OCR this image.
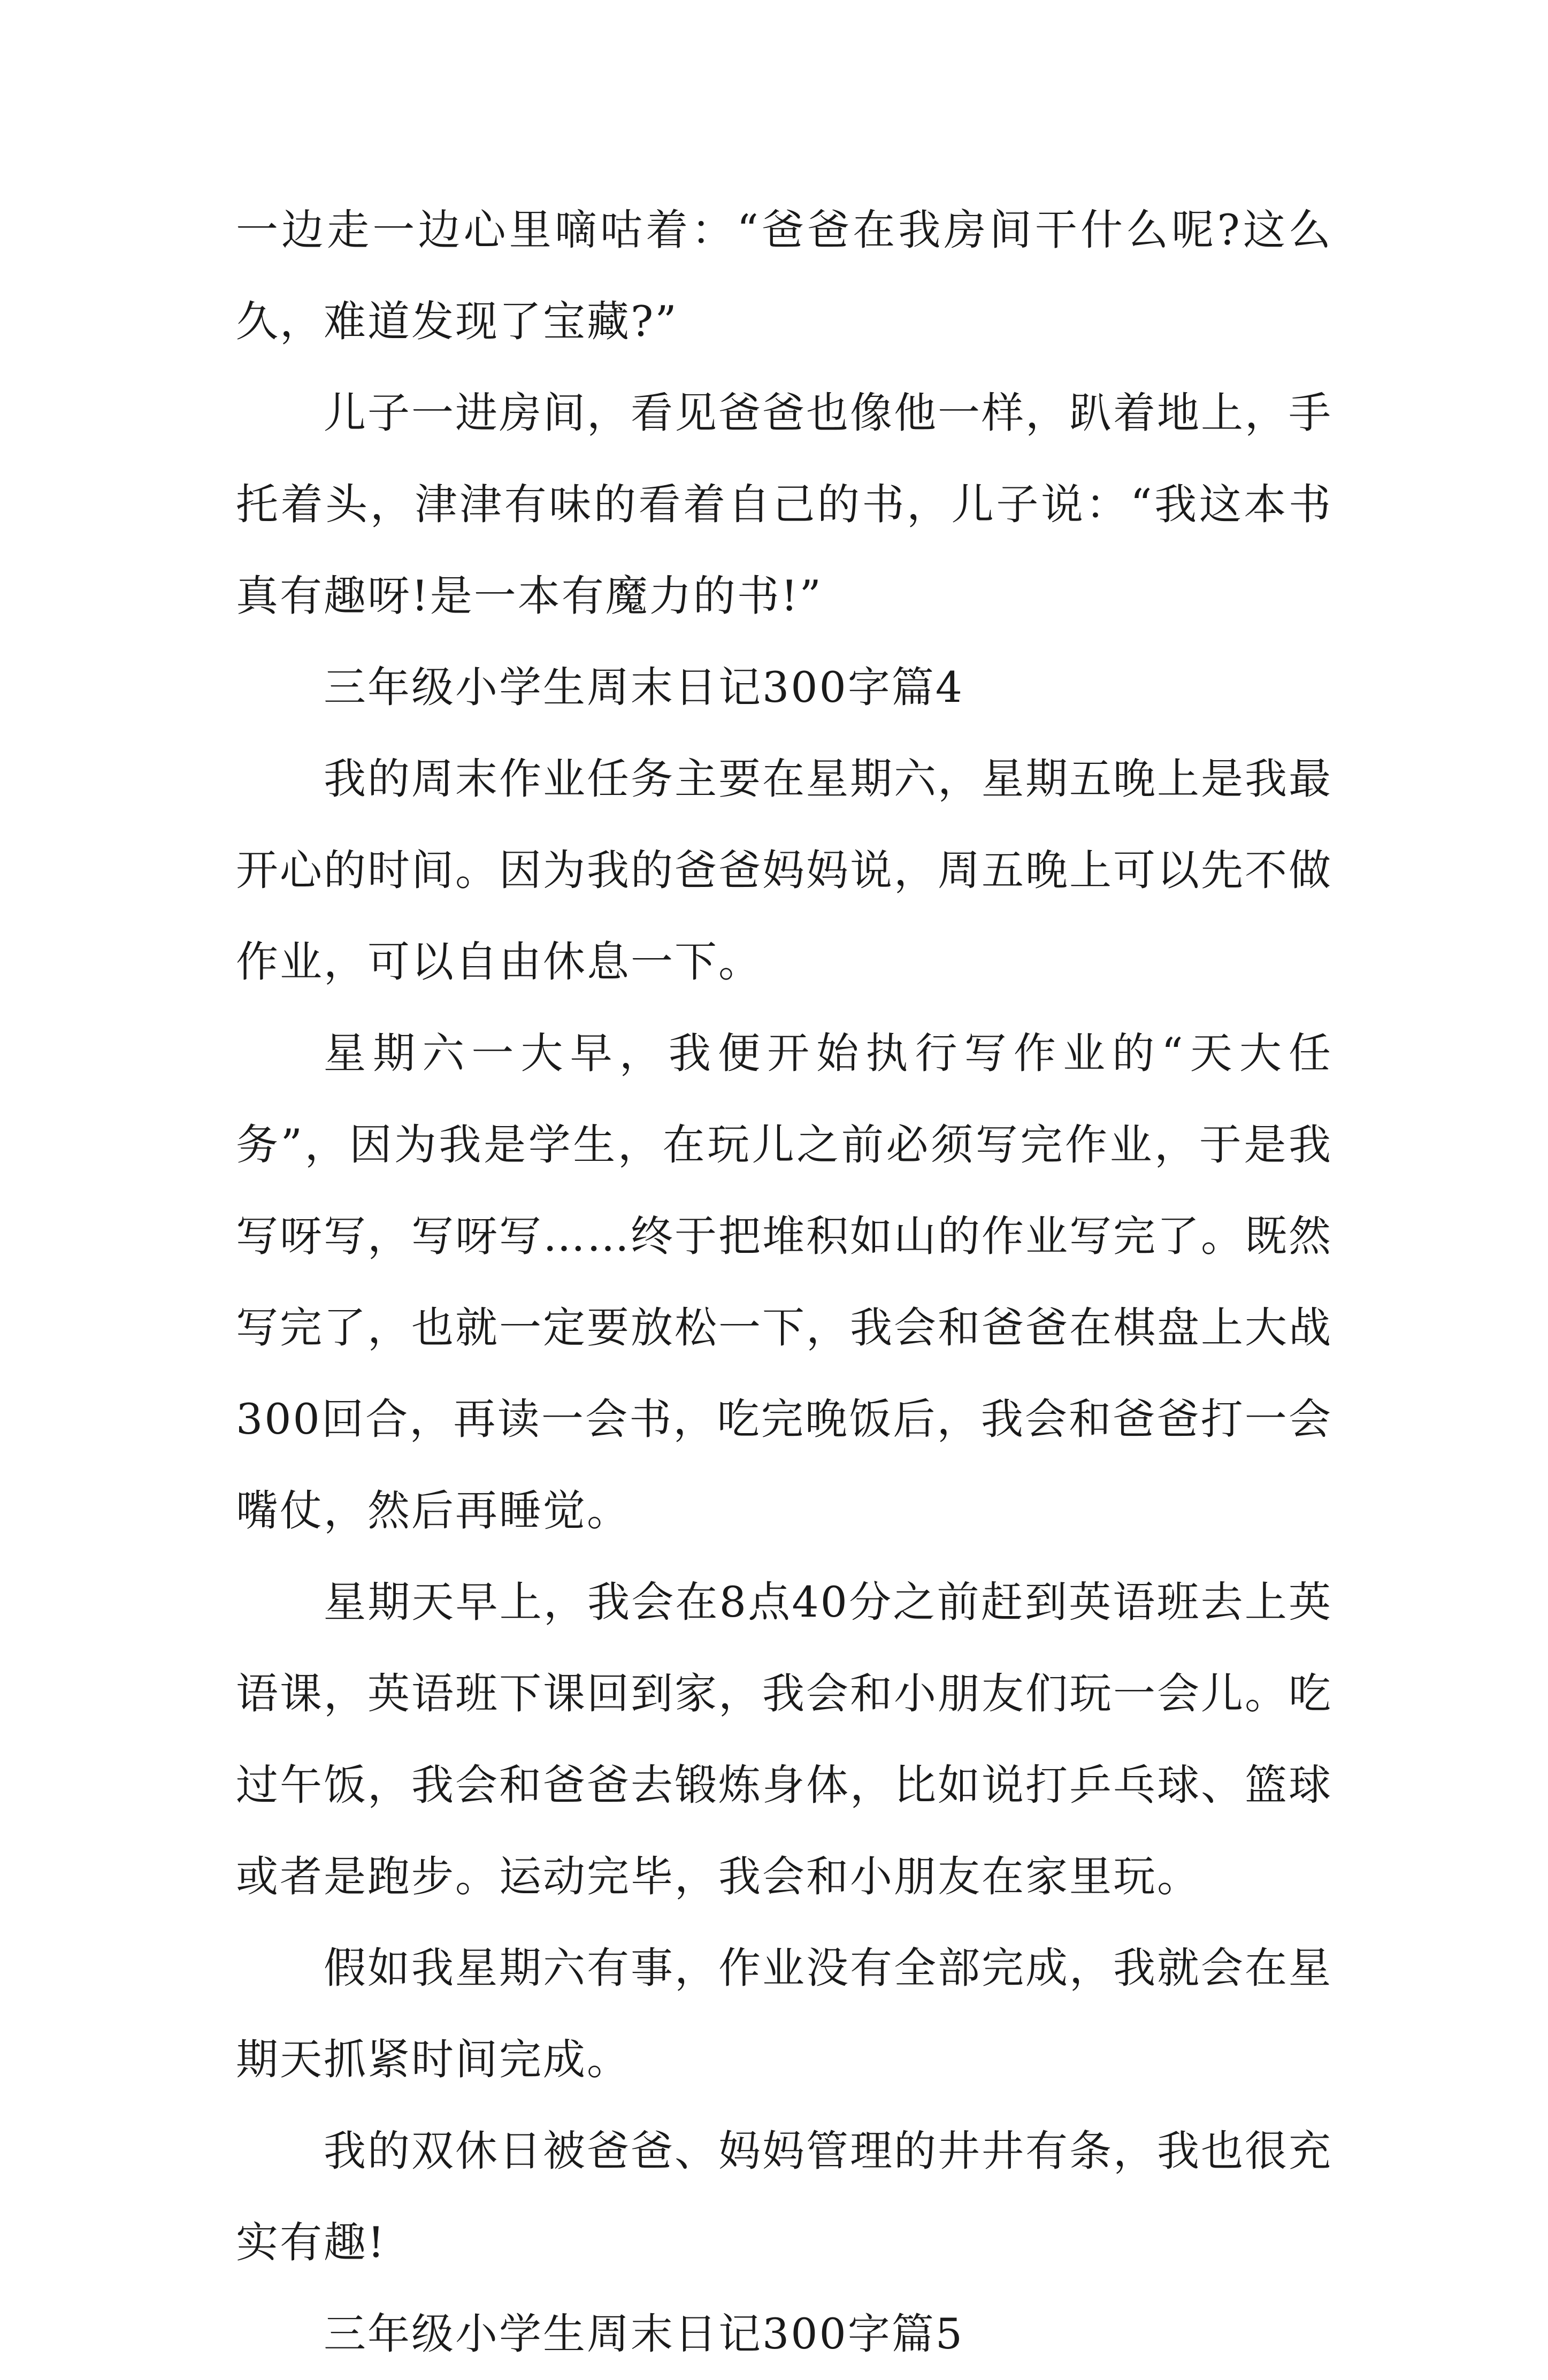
一边走一边心里嘀咕着：“爸爸在我房间干什么呢?这么久，难道发现了宝藏?”

儿子一进房间，看见爸爸也像他一样，趴着地上，手托着头，津津有味的看着自己的书，儿子说：“我这本书真有趣呀!是一本有魔力的书!”

三年级小学生周末日记300字篇4

我的周末作业任务主要在星期六，星期五晚上是我最开心的时间。因为我的爸爸妈妈说，周五晚上可以先不做作业，可以自由休息一下。

星期六一大早，我便开始执行写作业的“天大任务”，因为我是学生，在玩儿之前必须写完作业，于是我写呀写，写呀写……终于把堆积如山的作业写完了。既然写完了，也就一定要放松一下，我会和爸爸在棋盘上大战300回合，再读一会书，吃完晚饭后，我会和爸爸打一会嘴仗，然后再睡觉。

星期天早上，我会在8点40分之前赶到英语班去上英语课，英语班下课回到家，我会和小朋友们玩一会儿。吃过午饭，我会和爸爸去锻炼身体，比如说打乒乓球、篮球或者是跑步。运动完毕，我会和小朋友在家里玩。

假如我星期六有事，作业没有全部完成，我就会在星期天抓紧时间完成。

我的双休日被爸爸、妈妈管理的井井有条，我也很充实有趣!

三年级小学生周末日记300字篇5
